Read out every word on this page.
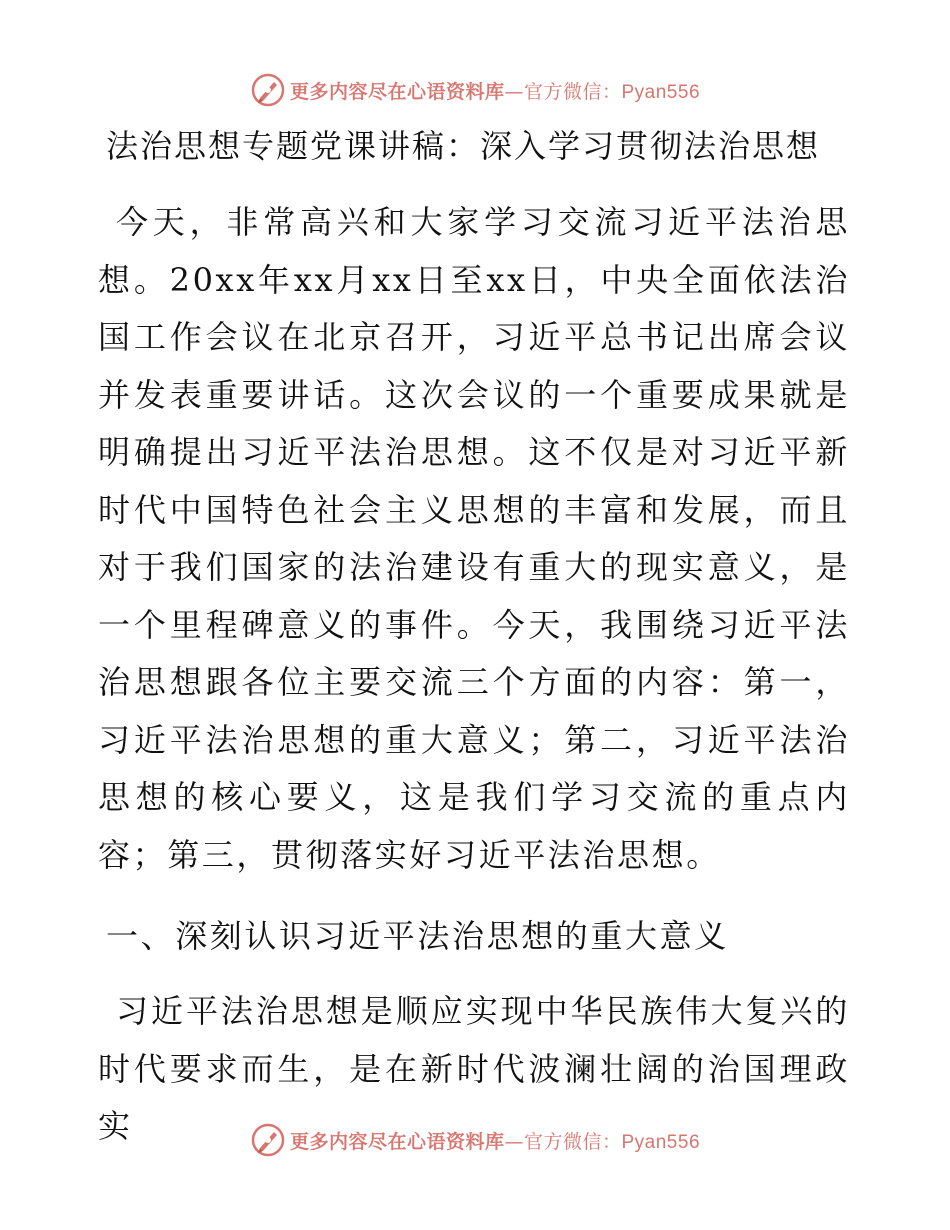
更多内容尽在心语资料库—官方微信：Pyan556
法治思想专题党课讲稿：深入学习贯彻法治思想
今天，非常高兴和大家学习交流习近平法治思想。20xx年xx月xx日至xx日，中央全面依法治国工作会议在北京召开，习近平总书记出席会议并发表重要讲话。这次会议的一个重要成果就是明确提出习近平法治思想。这不仅是对习近平新时代中国特色社会主义思想的丰富和发展，而且对于我们国家的法治建设有重大的现实意义，是一个里程碑意义的事件。今天，我围绕习近平法治思想跟各位主要交流三个方面的内容：第一，习近平法治思想的重大意义；第二，习近平法治思想的核心要义，这是我们学习交流的重点内容；第三，贯彻落实好习近平法治思想。
一、深刻认识习近平法治思想的重大意义
习近平法治思想是顺应实现中华民族伟大复兴的时代要求而生，是在新时代波澜壮阔的治国理政实	更多内容尽在心语资料库—官方微信：Pyan556
